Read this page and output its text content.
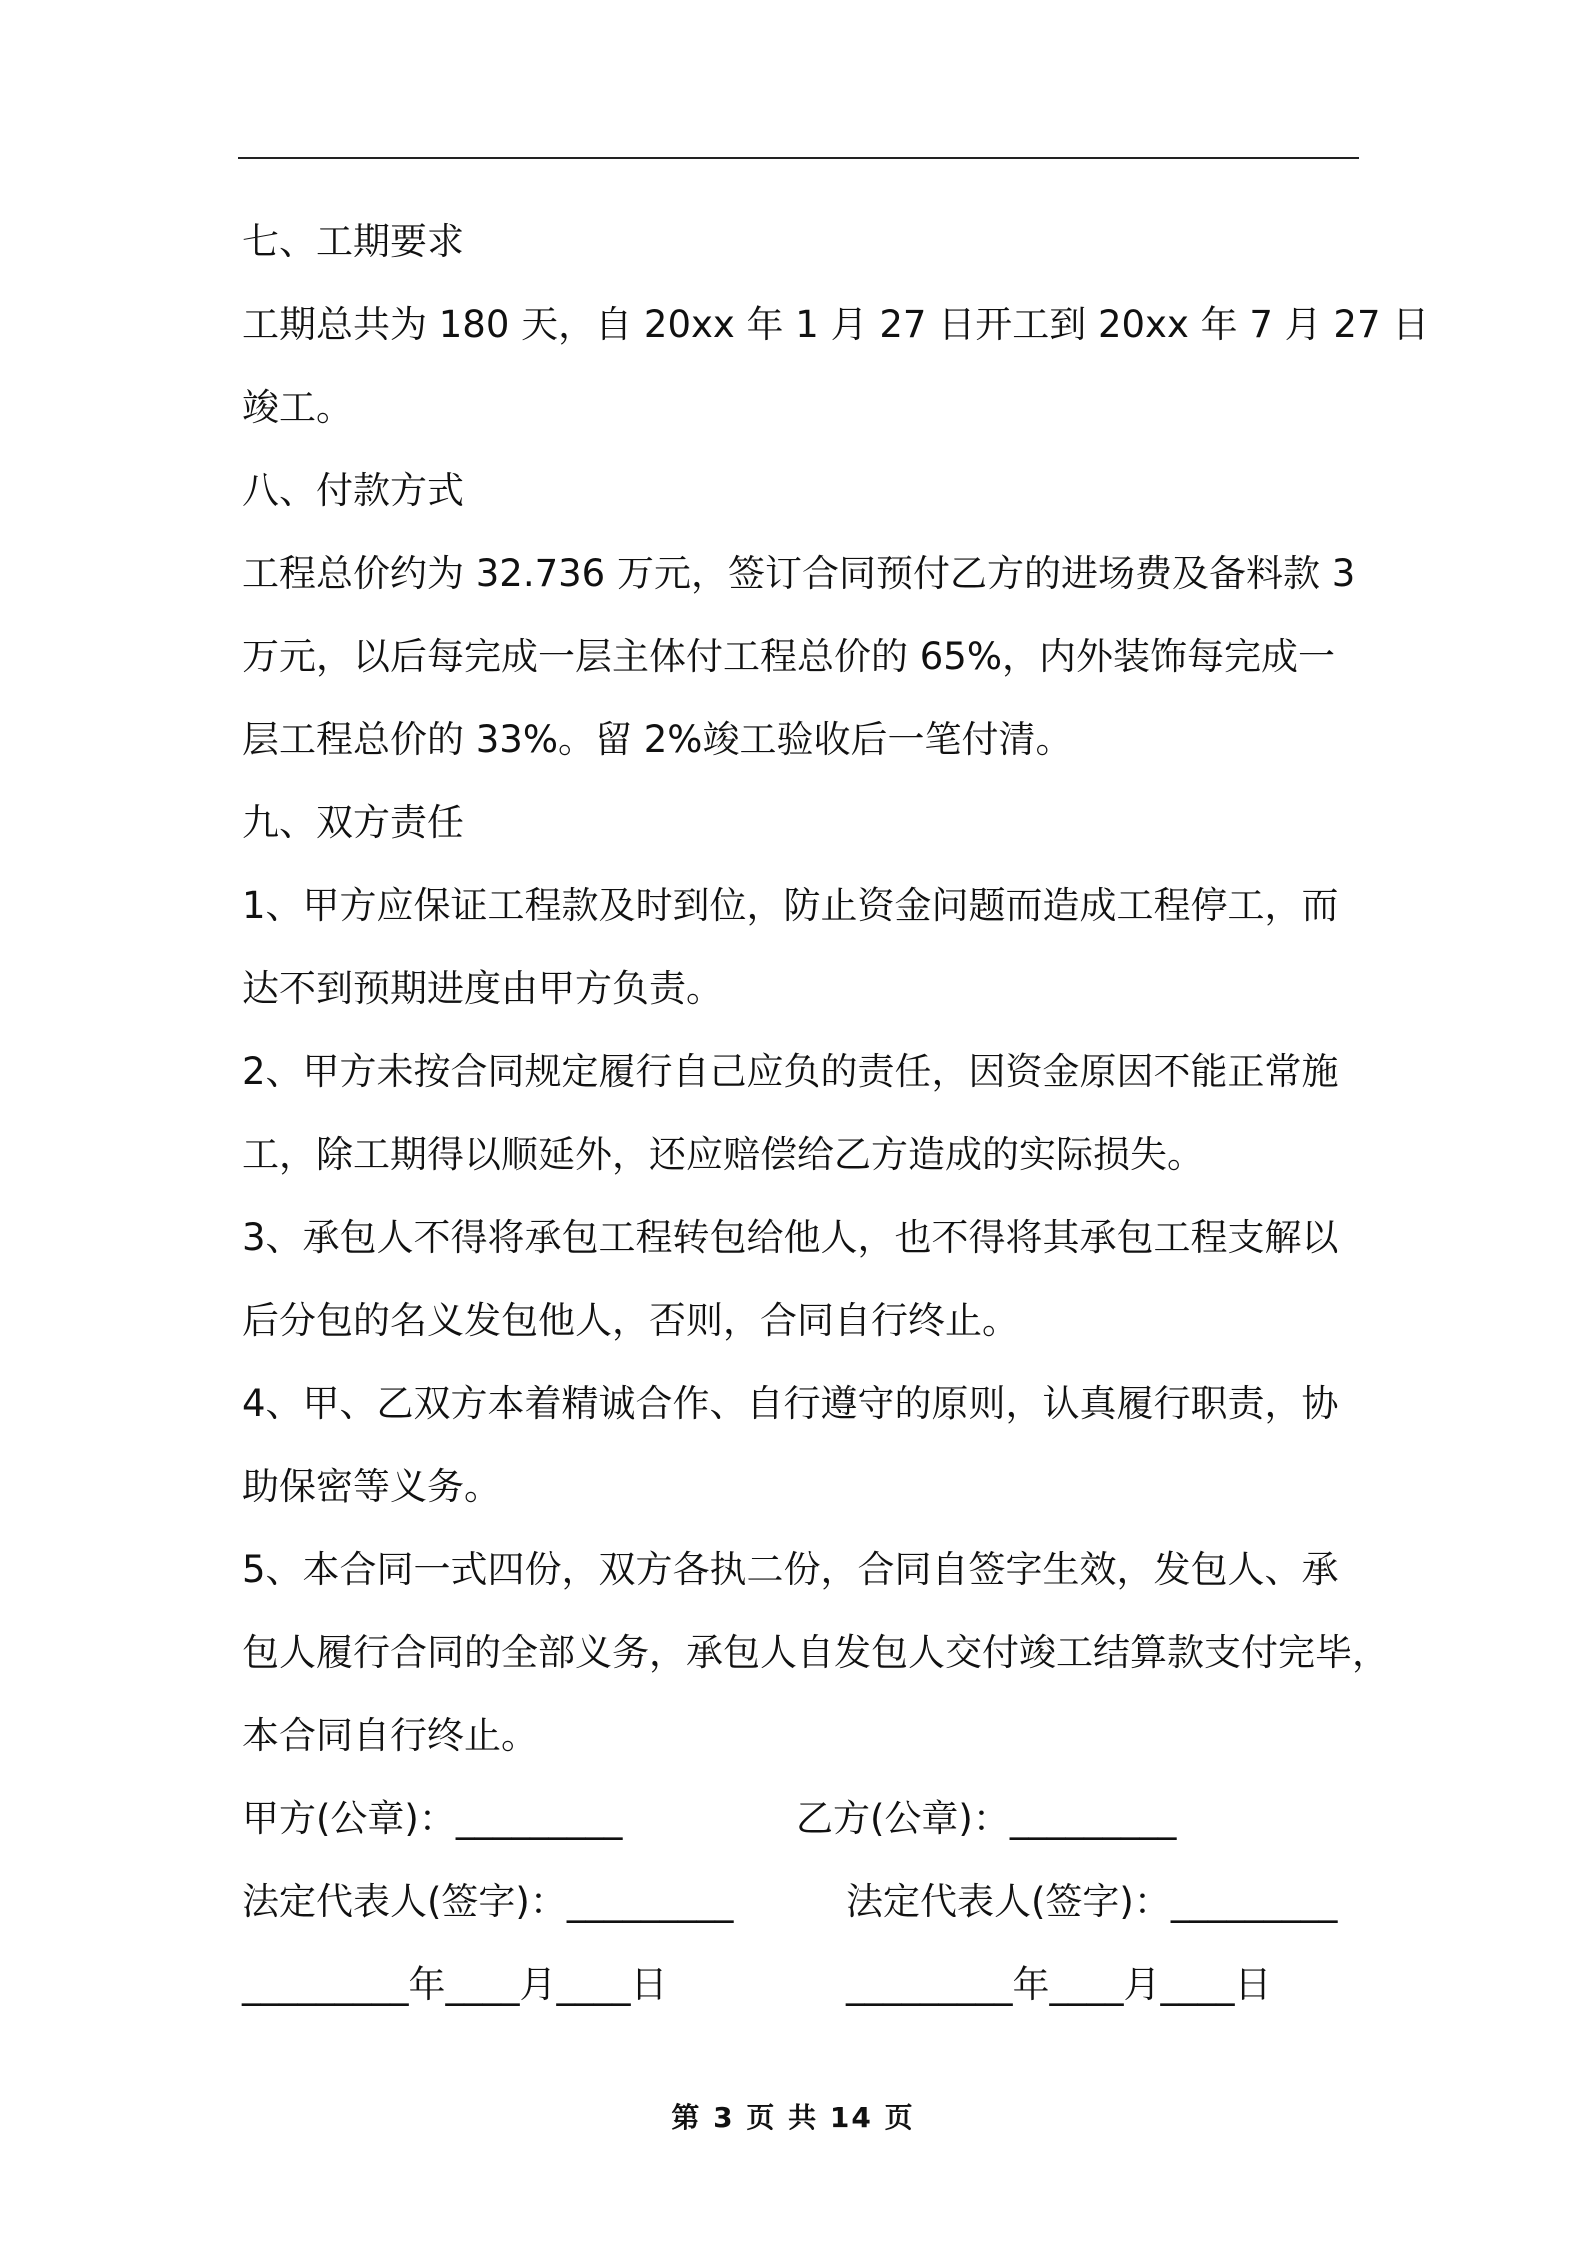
七、工期要求
工期总共为 180 天，自 20xx 年 1 月 27 日开工到 20xx 年 7 月 27 日
竣工。
八、付款方式
工程总价约为 32.736 万元，签订合同预付乙方的进场费及备料款 3
万元，以后每完成一层主体付工程总价的 65%，内外装饰每完成一
层工程总价的 33%。留 2%竣工验收后一笔付清。
九、双方责任
1、甲方应保证工程款及时到位，防止资金问题而造成工程停工，而
达不到预期进度由甲方负责。
2、甲方未按合同规定履行自己应负的责任，因资金原因不能正常施
工，除工期得以顺延外，还应赔偿给乙方造成的实际损失。
3、承包人不得将承包工程转包给他人，也不得将其承包工程支解以
后分包的名义发包他人，否则，合同自行终止。
4、甲、乙双方本着精诚合作、自行遵守的原则，认真履行职责，协
助保密等义务。
5、本合同一式四份，双方各执二份，合同自签字生效，发包人、承
包人履行合同的全部义务，承包人自发包人交付竣工结算款支付完毕，
本合同自行终止。
甲方(公章)：_________	乙方(公章)：_________
法定代表人(签字)：_________	法定代表人(签字)：_________
_________年____月____日	_________年____月____日
第 3 页 共 14 页
